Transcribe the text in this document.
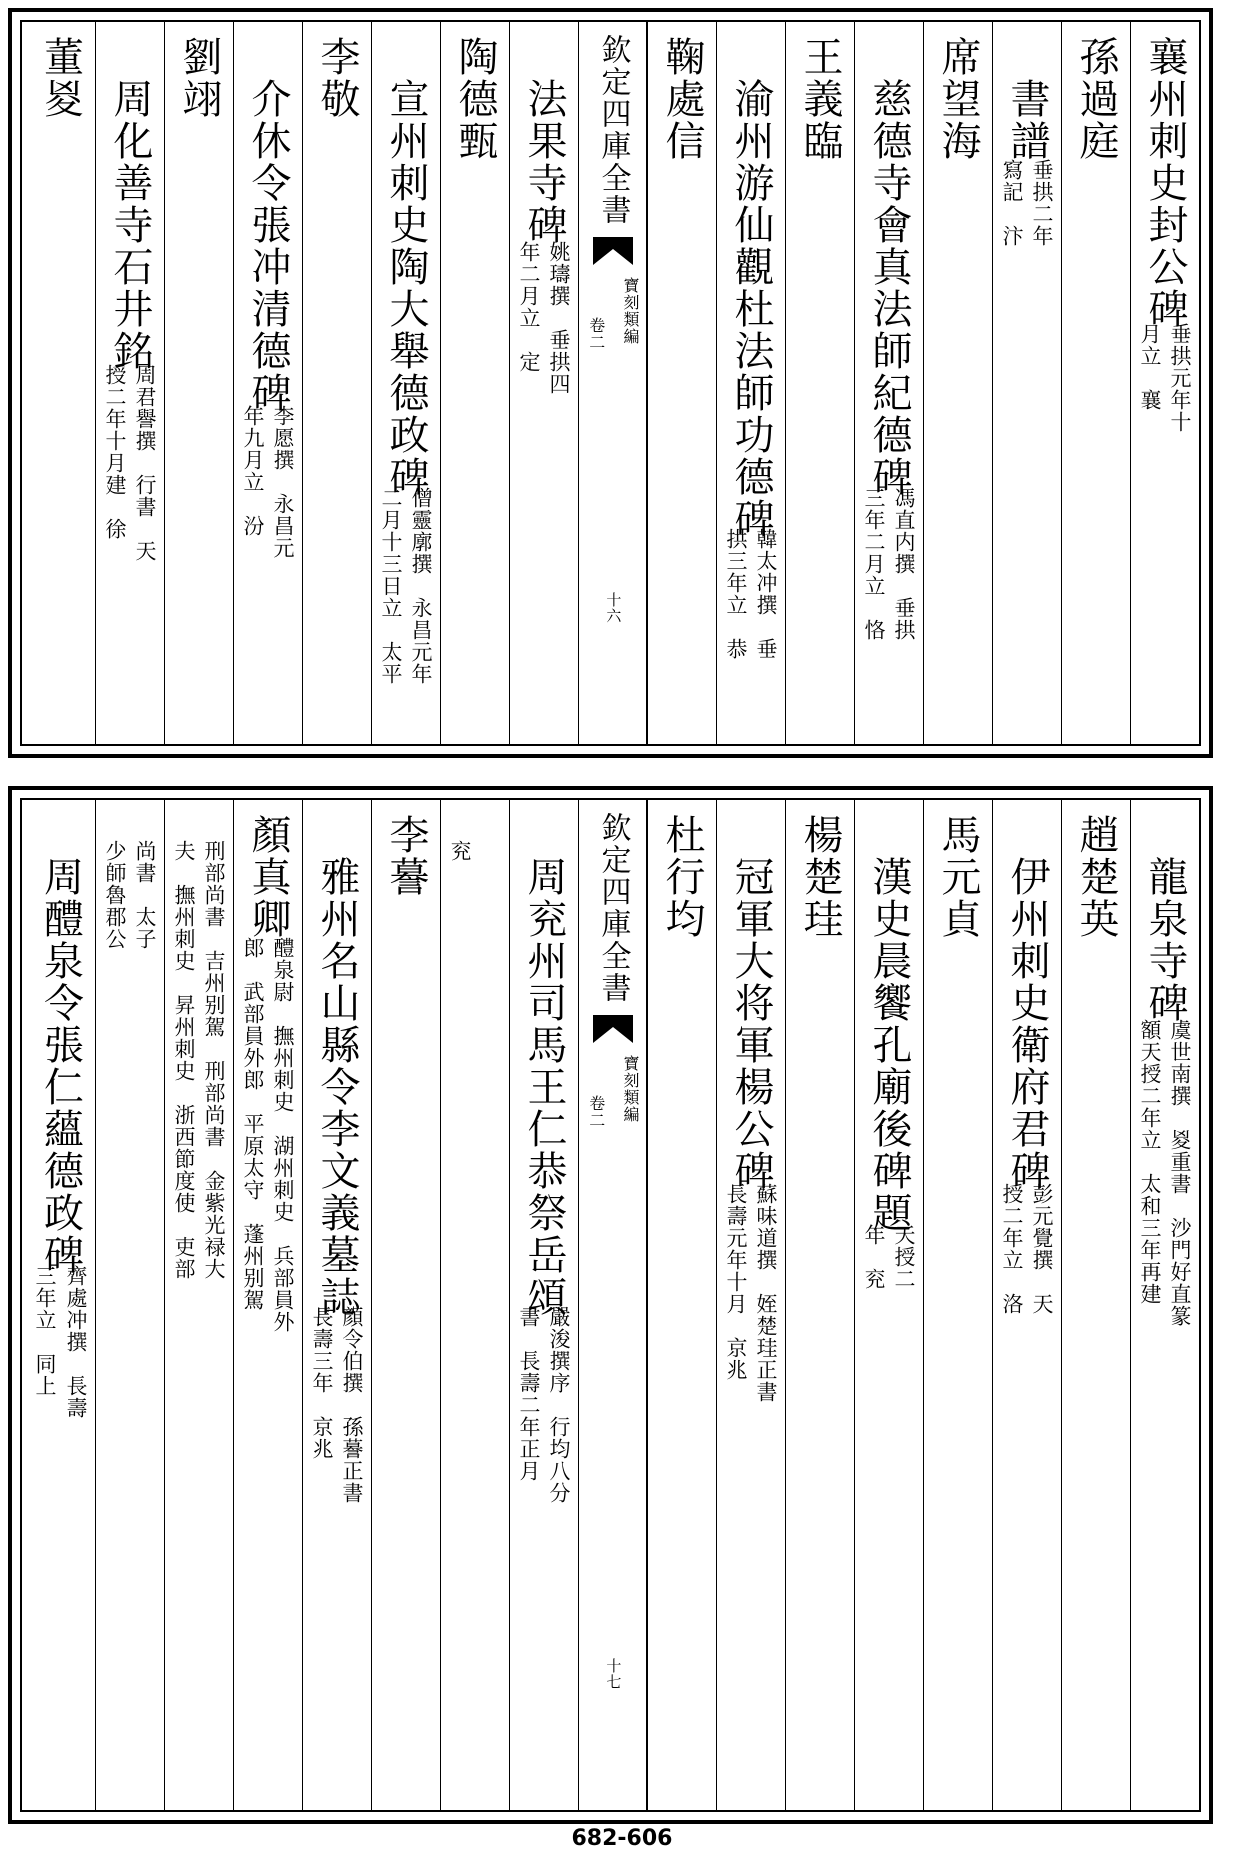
襄州刺史封公碑
垂拱元年十
月立　襄
孫過庭
　書譜
垂拱二年
寫記　汴
席望海
　慈德寺會真法師紀德碑
馮直内撰　垂拱
三年二月立　恪
王義臨
　渝州游仙觀杜法師功德碑
韓太冲撰　垂
拱三年立　恭
鞠處信
欽定四庫全書
寶刻類編
卷二
十六
　法果寺碑
姚璹撰　垂拱四
年二月立　定
陶德甄
　宣州刺史陶大舉德政碑
僧靈廓撰　永昌元年
二月十三日立　太平
李敬
　介休令張冲清德碑
李愿撰　永昌元
年九月立　汾
劉翊
　周化善寺石井銘
周君譽撰　行書　天
授二年十月建　徐
董㚇
　龍泉寺碑
虞世南撰　㚇重書　沙門好直篆
額天授二年立　太和三年再建
趙楚英
　伊州刺史衛府君碑
彭元覺撰　天
授二年立　洛
馬元貞
　漢史晨饗孔廟後碑題
天授二
年　兖
楊楚珪
　冠軍大将軍楊公碑
蘇味道撰　姪楚珪正書
長壽元年十月　京兆
杜行均
欽定四庫全書
寶刻類編
卷二
十七
　周兖州司馬王仁恭祭岳頌
嚴浚撰序　行均八分
書　長壽二年正月
兖
李謩
　雅州名山縣令李文義墓誌
顏令伯撰　孫謩正書
長壽三年　京兆
顏真卿
醴泉尉　撫州刺史　湖州刺史　兵部員外
郎　武部員外郎　平原太守　蓬州别駕
刑部尚書　吉州别駕　刑部尚書　金紫光禄大
夫　撫州刺史　昇州刺史　浙西節度使　吏部
尚書　太子
少師魯郡公
　周醴泉令張仁蘊德政碑
齊處冲撰　長壽
三年立　同上
682-606
